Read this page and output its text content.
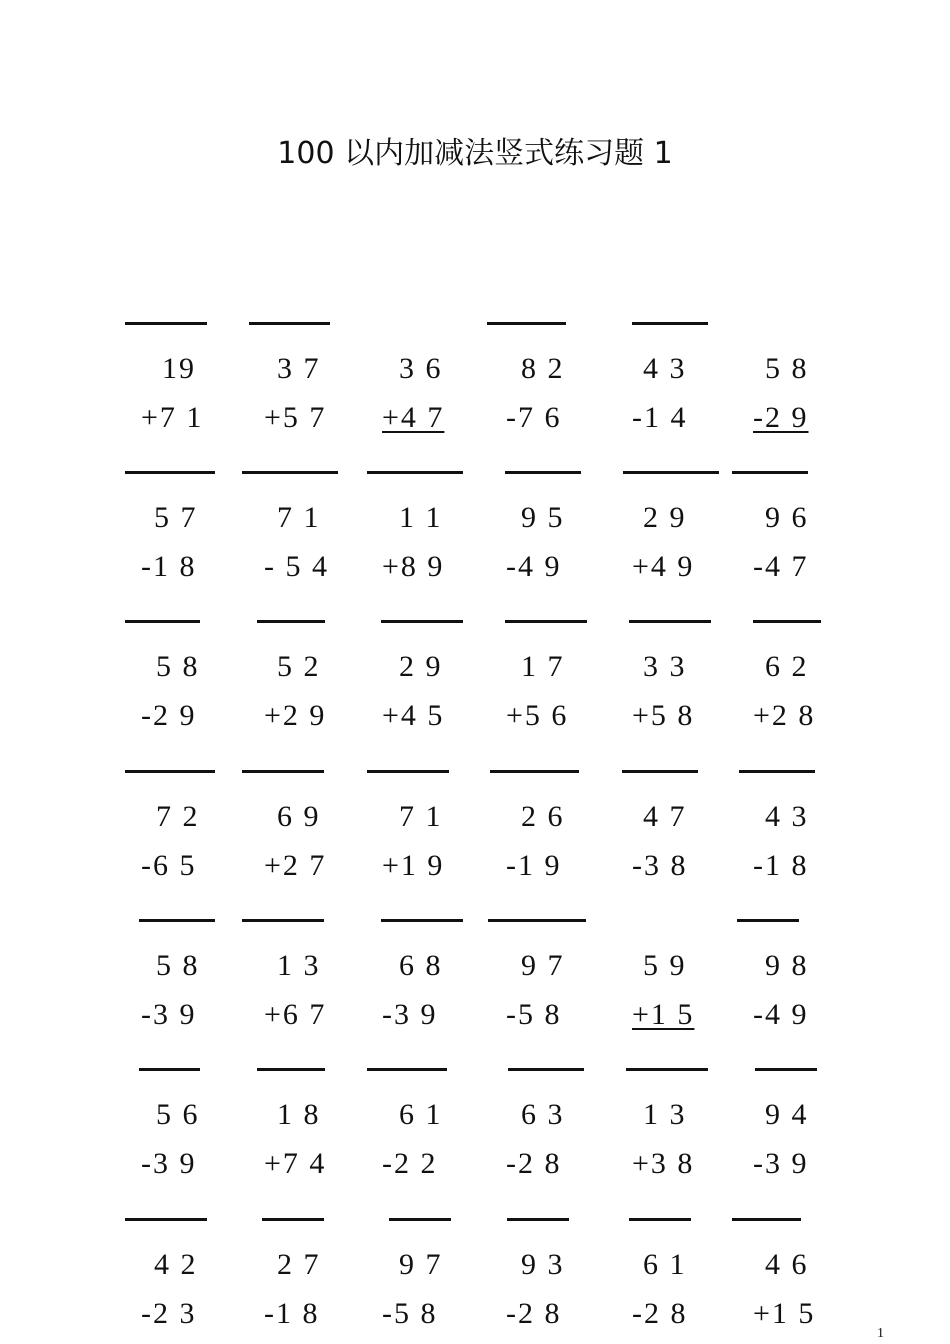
100 以内加减法竖式练习题 1
19
+7 1
3 7
+5 7
3 6
+4 7
8 2
-7 6
4 3
-1 4
5 8
-2 9
5 7
-1 8
7 1
- 5 4
1 1
+8 9
9 5
-4 9
2 9
+4 9
9 6
-4 7
5 8
-2 9
5 2
+2 9
2 9
+4 5
1 7
+5 6
3 3
+5 8
6 2
+2 8
7 2
-6 5
6 9
+2 7
7 1
+1 9
2 6
-1 9
4 7
-3 8
4 3
-1 8
5 8
-3 9
1 3
+6 7
6 8
-3 9
9 7
-5 8
5 9
+1 5
9 8
-4 9
5 6
-3 9
1 8
+7 4
6 1
-2 2
6 3
-2 8
1 3
+3 8
9 4
-3 9
4 2
-2 3
2 7
-1 8
9 7
-5 8
9 3
-2 8
6 1
-2 8
4 6
+1 5
1
